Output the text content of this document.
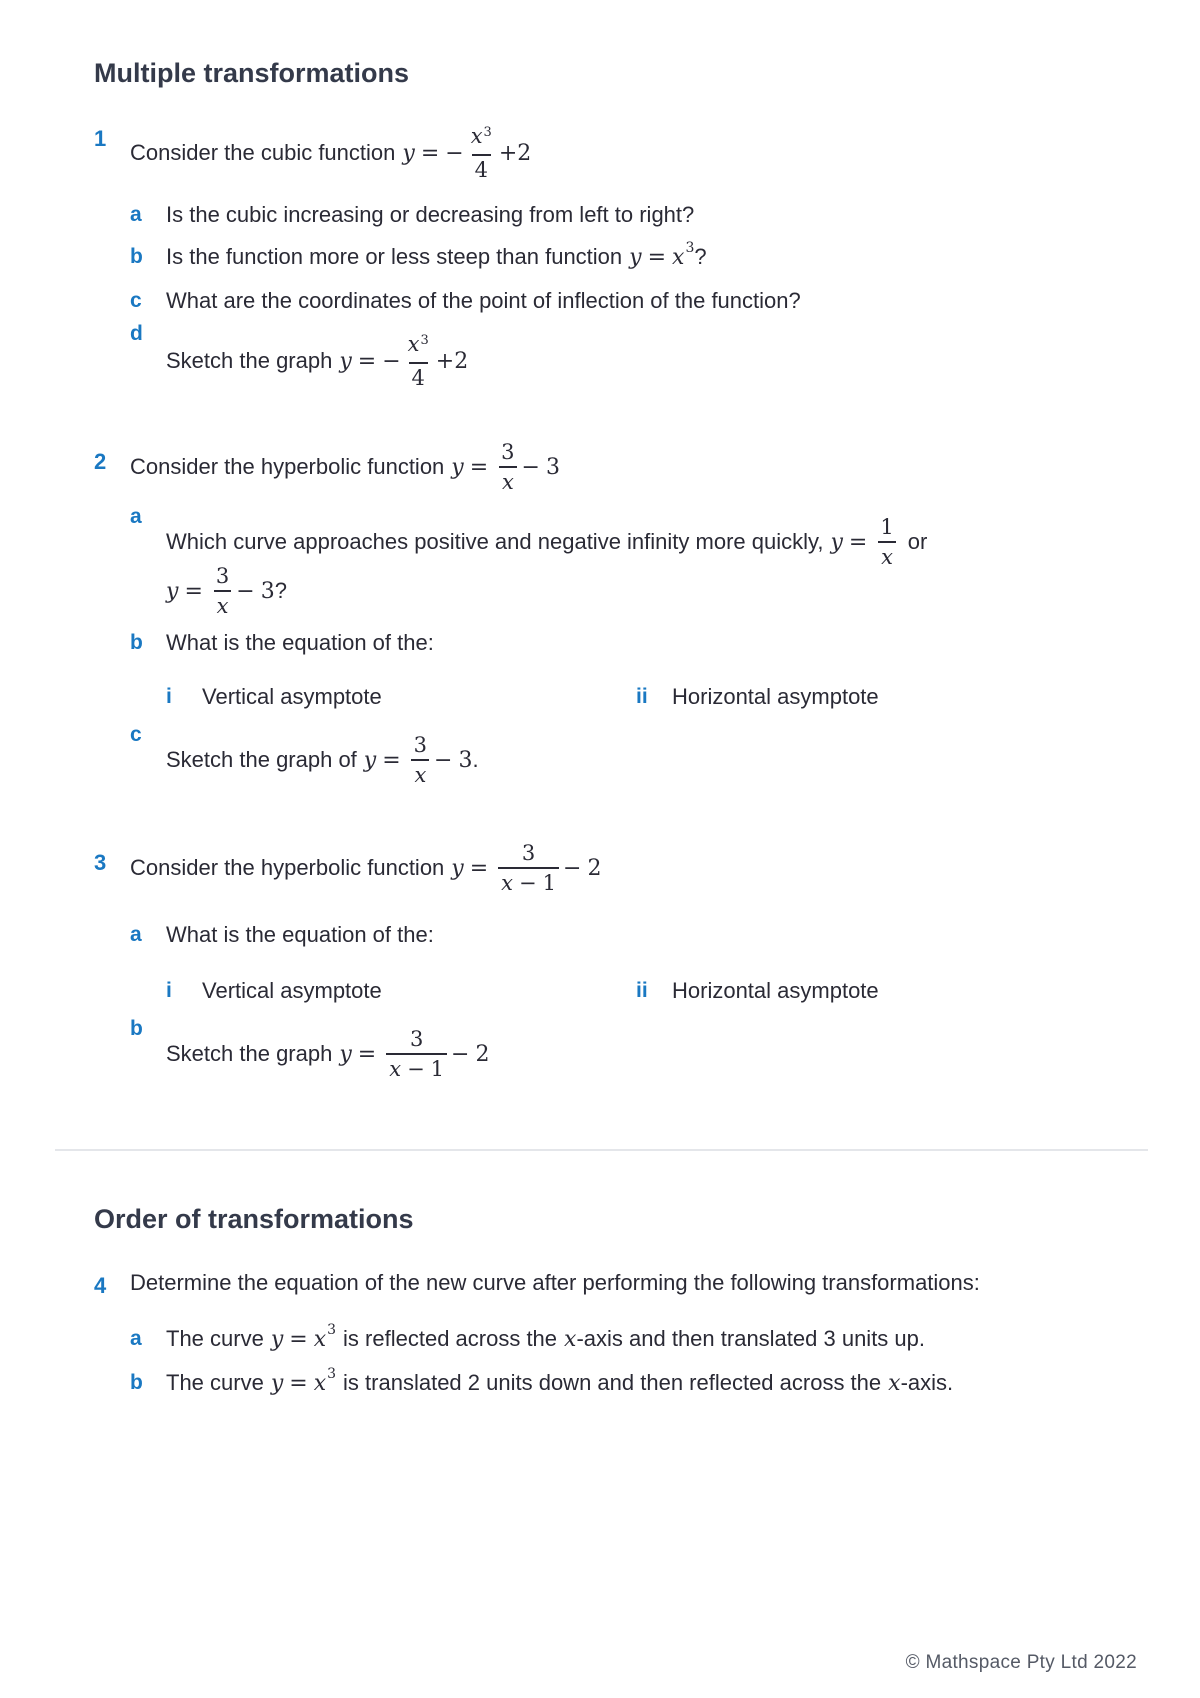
Multiple transformations
1
Consider the cubic function y = − $\frac{x^3}{4} + 2$
a	Is the cubic increasing or decreasing from left to right?
b	Is the function more or less steep than function $y = x^3$ ?
c	What are the coordinates of the point of inflection of the function?
d
Sketch the graph y = − $\frac{x^3}{4} + 2$
2 Consider the hyperbolic function $y = \frac{3}{x} - 3$
a
Which curve approaches positive and negative infinity more quickly, $y = \frac{1}{x}$ or
$y = \frac{3}{x} - 3$ ?
b	What is the equation of the:
i	Vertical asymptote	ii	Horizontal asymptote
c
Sketch the graph of $y = \frac{3}{x} - 3$ .
3 Consider the hyperbolic function $y = \frac{3}{x - 1} - 2$
a	What is the equation of the:
i	Vertical asymptote	ii	Horizontal asymptote
b
Sketch the graph $y = \frac{3}{x - 1} - 2$
Order of transformations
4 Determine the equation of the new curve after performing the following transformations:
a	The curve $y = x^3$ is reflected across the x -axis and then translated 3 units up.
b	The curve $y = x^3$ is translated 2 units down and then reflected across the x -axis.
© Mathspace Pty Ltd 2022
